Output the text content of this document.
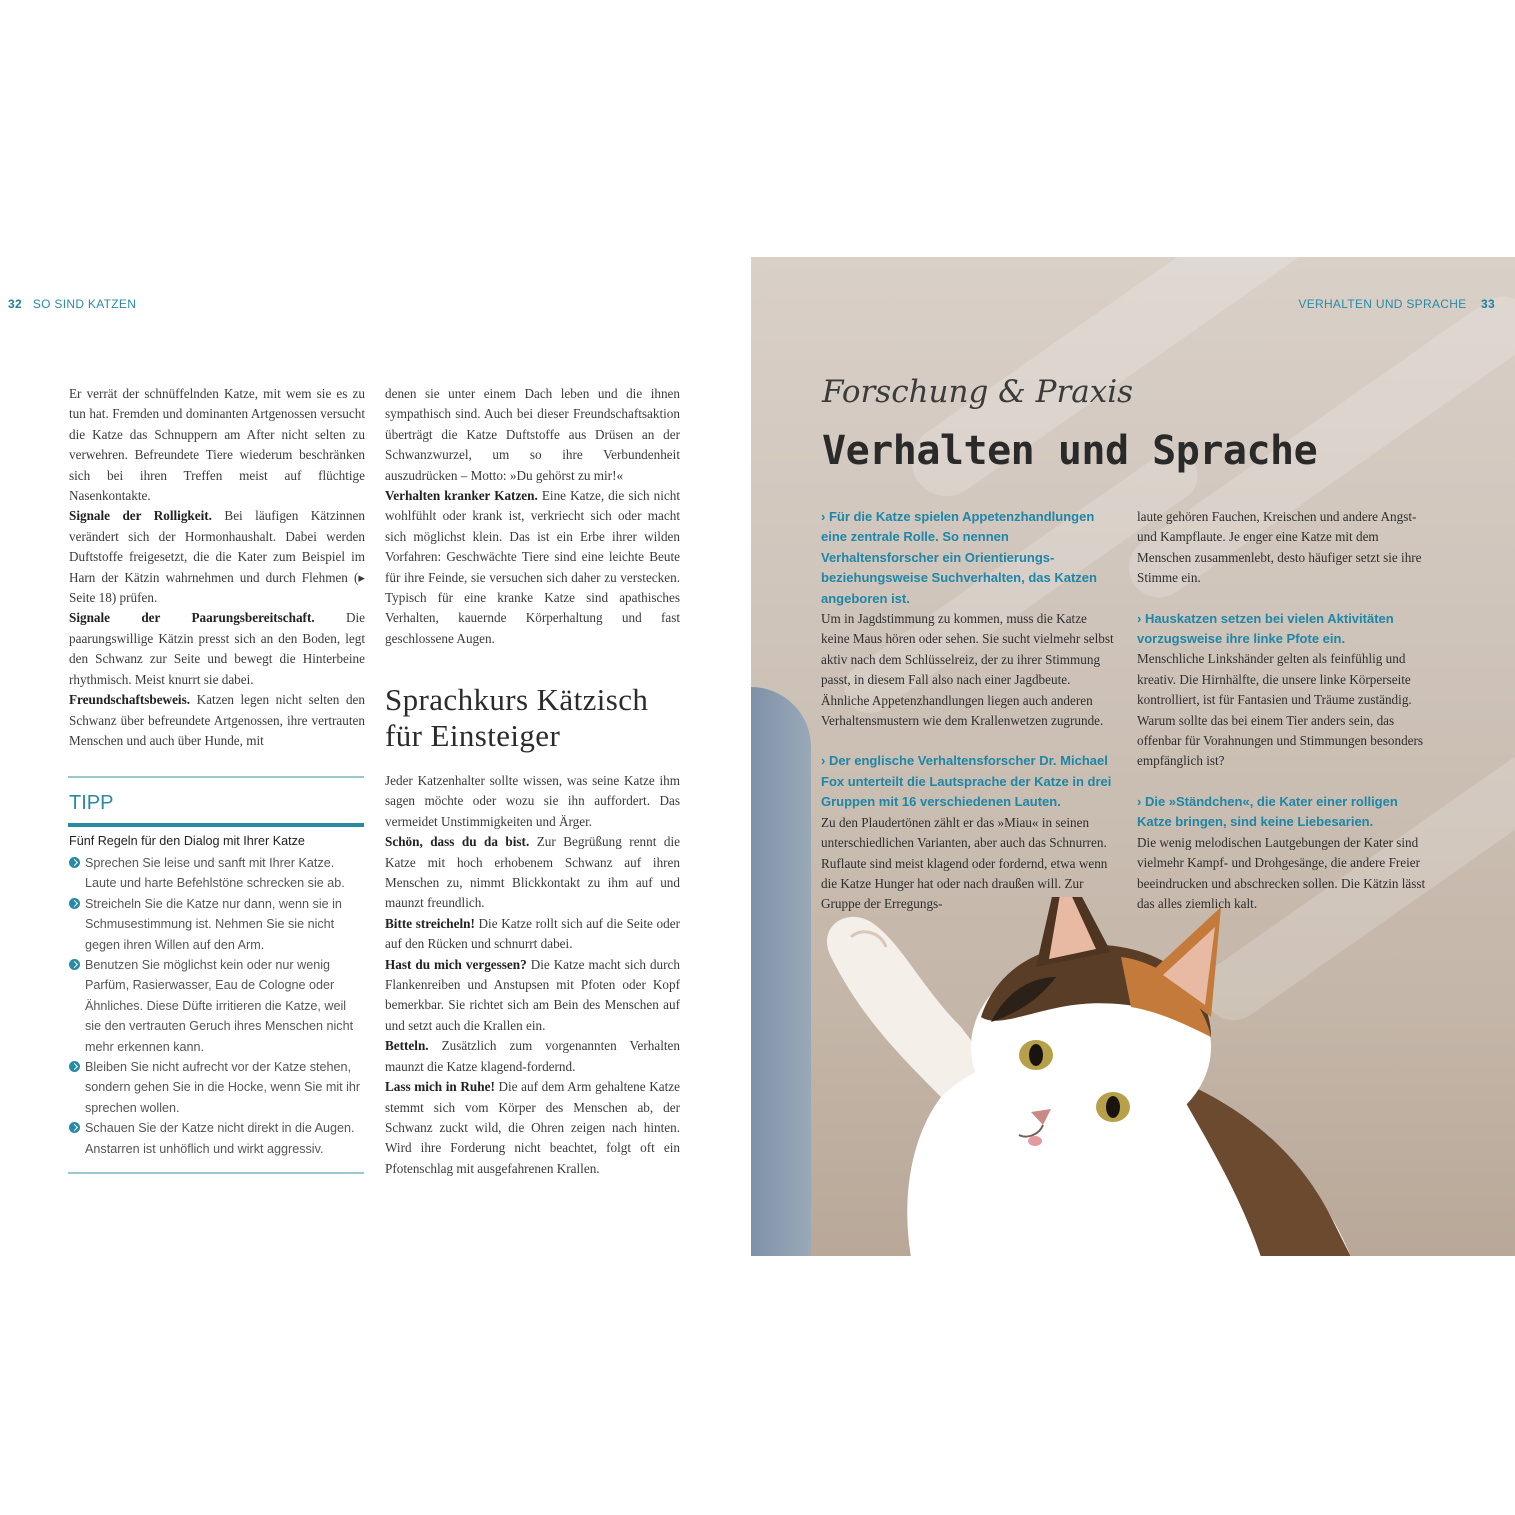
32 SO SIND KATZEN

Er verrät der schnüffelnden Katze, mit wem sie es zu tun hat. Fremden und dominanten Artgenossen versucht die Katze das Schnuppern am After nicht selten zu verwehren. Befreundete Tiere wiederum beschränken sich bei ihren Treffen meist auf flüchtige Nasenkontakte.

Signale der Rolligkeit. Bei läufigen Kätzinnen verändert sich der Hormonhaushalt. Dabei werden Duftstoffe freigesetzt, die die Kater zum Beispiel im Harn der Kätzin wahrnehmen und durch Flehmen (▸ Seite 18) prüfen.

Signale der Paarungsbereitschaft. Die paarungswillige Kätzin presst sich an den Boden, legt den Schwanz zur Seite und bewegt die Hinterbeine rhythmisch. Meist knurrt sie dabei.

Freundschaftsbeweis. Katzen legen nicht selten den Schwanz über befreundete Artgenossen, ihre vertrauten Menschen und auch über Hunde, mit

TIPP
Fünf Regeln für den Dialog mit Ihrer Katze
Sprechen Sie leise und sanft mit Ihrer Katze. Laute und harte Befehlstöne schrecken sie ab.
Streicheln Sie die Katze nur dann, wenn sie in Schmusestimmung ist. Nehmen Sie sie nicht gegen ihren Willen auf den Arm.
Benutzen Sie möglichst kein oder nur wenig Parfüm, Rasierwasser, Eau de Cologne oder Ähnliches. Diese Düfte irritieren die Katze, weil sie den vertrauten Geruch ihres Menschen nicht mehr erkennen kann.
Bleiben Sie nicht aufrecht vor der Katze stehen, sondern gehen Sie in die Hocke, wenn Sie mit ihr sprechen wollen.
Schauen Sie der Katze nicht direkt in die Augen. Anstarren ist unhöflich und wirkt aggressiv.

denen sie unter einem Dach leben und die ihnen sympathisch sind. Auch bei dieser Freundschaftsaktion überträgt die Katze Duftstoffe aus Drüsen an der Schwanzwurzel, um so ihre Verbundenheit auszudrücken – Motto: »Du gehörst zu mir!«

Verhalten kranker Katzen. Eine Katze, die sich nicht wohlfühlt oder krank ist, verkriecht sich oder macht sich möglichst klein. Das ist ein Erbe ihrer wilden Vorfahren: Geschwächte Tiere sind eine leichte Beute für ihre Feinde, sie versuchen sich daher zu verstecken. Typisch für eine kranke Katze sind apathisches Verhalten, kauernde Körperhaltung und fast geschlossene Augen.

Sprachkurs Kätzisch für Einsteiger

Jeder Katzenhalter sollte wissen, was seine Katze ihm sagen möchte oder wozu sie ihn auffordert. Das vermeidet Unstimmigkeiten und Ärger.

Schön, dass du da bist. Zur Begrüßung rennt die Katze mit hoch erhobenem Schwanz auf ihren Menschen zu, nimmt Blickkontakt zu ihm auf und maunzt freundlich.

Bitte streicheln! Die Katze rollt sich auf die Seite oder auf den Rücken und schnurrt dabei.

Hast du mich vergessen? Die Katze macht sich durch Flankenreiben und Anstupsen mit Pfoten oder Kopf bemerkbar. Sie richtet sich am Bein des Menschen auf und setzt auch die Krallen ein.

Betteln. Zusätzlich zum vorgenannten Verhalten maunzt die Katze klagend-fordernd.

Lass mich in Ruhe! Die auf dem Arm gehaltene Katze stemmt sich vom Körper des Menschen ab, der Schwanz zuckt wild, die Ohren zeigen nach hinten. Wird ihre Forderung nicht beachtet, folgt oft ein Pfotenschlag mit ausgefahrenen Krallen.

VERHALTEN UND SPRACHE 33
Forschung & Praxis
Verhalten und Sprache

› Für die Katze spielen Appetenzhandlungen eine zentrale Rolle. So nennen Verhaltensforscher ein Orientierungs- beziehungsweise Suchverhalten, das Katzen angeboren ist.

Um in Jagdstimmung zu kommen, muss die Katze keine Maus hören oder sehen. Sie sucht vielmehr selbst aktiv nach dem Schlüsselreiz, der zu ihrer Stimmung passt, in diesem Fall also nach einer Jagdbeute. Ähnliche Appetenzhandlungen liegen auch anderen Verhaltensmustern wie dem Krallenwetzen zugrunde.

› Der englische Verhaltensforscher Dr. Michael Fox unterteilt die Lautsprache der Katze in drei Gruppen mit 16 verschiedenen Lauten.

Zu den Plaudertönen zählt er das »Miau« in seinen unterschiedlichen Varianten, aber auch das Schnurren. Ruflaute sind meist klagend oder fordernd, etwa wenn die Katze Hunger hat oder nach draußen will. Zur Gruppe der Erregungs-

laute gehören Fauchen, Kreischen und andere Angst- und Kampflaute. Je enger eine Katze mit dem Menschen zusammenlebt, desto häufiger setzt sie ihre Stimme ein.

› Hauskatzen setzen bei vielen Aktivitäten vorzugsweise ihre linke Pfote ein.

Menschliche Linkshänder gelten als feinfühlig und kreativ. Die Hirnhälfte, die unsere linke Körperseite kontrolliert, ist für Fantasien und Träume zuständig. Warum sollte das bei einem Tier anders sein, das offenbar für Vorahnungen und Stimmungen besonders empfänglich ist?

› Die »Ständchen«, die Kater einer rolligen Katze bringen, sind keine Liebesarien.

Die wenig melodischen Lautgebungen der Kater sind vielmehr Kampf- und Drohgesänge, die andere Freier beeindrucken und abschrecken sollen. Die Kätzin lässt das alles ziemlich kalt.
